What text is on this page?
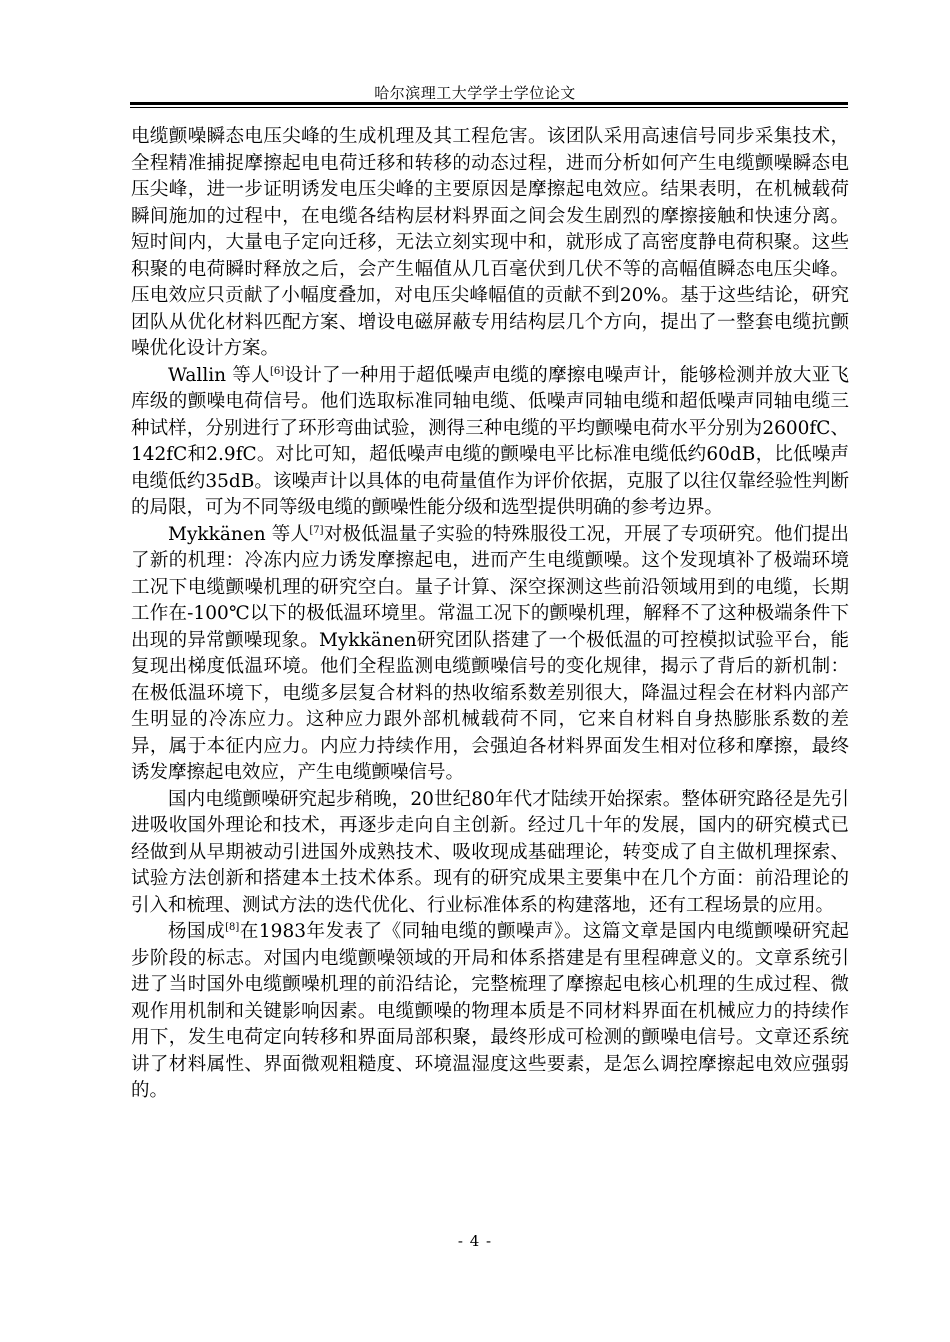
哈尔滨理工大学学士学位论文

电缆颤噪瞬态电压尖峰的生成机理及其工程危害。该团队采用高速信号同步采集技术，全程精准捕捉摩擦起电电荷迁移和转移的动态过程，进而分析如何产生电缆颤噪瞬态电压尖峰，进一步证明诱发电压尖峰的主要原因是摩擦起电效应。结果表明，在机械载荷瞬间施加的过程中，在电缆各结构层材料界面之间会发生剧烈的摩擦接触和快速分离。短时间内，大量电子定向迁移，无法立刻实现中和，就形成了高密度静电荷积聚。这些积聚的电荷瞬时释放之后，会产生幅值从几百毫伏到几伏不等的高幅值瞬态电压尖峰。压电效应只贡献了小幅度叠加，对电压尖峰幅值的贡献不到20%。基于这些结论，研究团队从优化材料匹配方案、增设电磁屏蔽专用结构层几个方向，提出了一整套电缆抗颤噪优化设计方案。

Wallin 等人[6]设计了一种用于超低噪声电缆的摩擦电噪声计，能够检测并放大亚飞库级的颤噪电荷信号。他们选取标准同轴电缆、低噪声同轴电缆和超低噪声同轴电缆三种试样，分别进行了环形弯曲试验，测得三种电缆的平均颤噪电荷水平分别为2600fC、142fC和2.9fC。对比可知，超低噪声电缆的颤噪电平比标准电缆低约60dB，比低噪声电缆低约35dB。该噪声计以具体的电荷量值作为评价依据，克服了以往仅靠经验性判断的局限，可为不同等级电缆的颤噪性能分级和选型提供明确的参考边界。

Mykkänen 等人[7]对极低温量子实验的特殊服役工况，开展了专项研究。他们提出了新的机理：冷冻内应力诱发摩擦起电，进而产生电缆颤噪。这个发现填补了极端环境工况下电缆颤噪机理的研究空白。量子计算、深空探测这些前沿领域用到的电缆，长期工作在-100℃以下的极低温环境里。常温工况下的颤噪机理，解释不了这种极端条件下出现的异常颤噪现象。Mykkänen研究团队搭建了一个极低温的可控模拟试验平台，能复现出梯度低温环境。他们全程监测电缆颤噪信号的变化规律，揭示了背后的新机制：在极低温环境下，电缆多层复合材料的热收缩系数差别很大，降温过程会在材料内部产生明显的冷冻应力。这种应力跟外部机械载荷不同，它来自材料自身热膨胀系数的差异，属于本征内应力。内应力持续作用，会强迫各材料界面发生相对位移和摩擦，最终诱发摩擦起电效应，产生电缆颤噪信号。

国内电缆颤噪研究起步稍晚，20世纪80年代才陆续开始探索。整体研究路径是先引进吸收国外理论和技术，再逐步走向自主创新。经过几十年的发展，国内的研究模式已经做到从早期被动引进国外成熟技术、吸收现成基础理论，转变成了自主做机理探索、试验方法创新和搭建本土技术体系。现有的研究成果主要集中在几个方面：前沿理论的引入和梳理、测试方法的迭代优化、行业标准体系的构建落地，还有工程场景的应用。

杨国成[8]在1983年发表了《同轴电缆的颤噪声》。这篇文章是国内电缆颤噪研究起步阶段的标志。对国内电缆颤噪领域的开局和体系搭建是有里程碑意义的。文章系统引进了当时国外电缆颤噪机理的前沿结论，完整梳理了摩擦起电核心机理的生成过程、微观作用机制和关键影响因素。电缆颤噪的物理本质是不同材料界面在机械应力的持续作用下，发生电荷定向转移和界面局部积聚，最终形成可检测的颤噪电信号。文章还系统讲了材料属性、界面微观粗糙度、环境温湿度这些要素，是怎么调控摩擦起电效应强弱的。

- 4 -
